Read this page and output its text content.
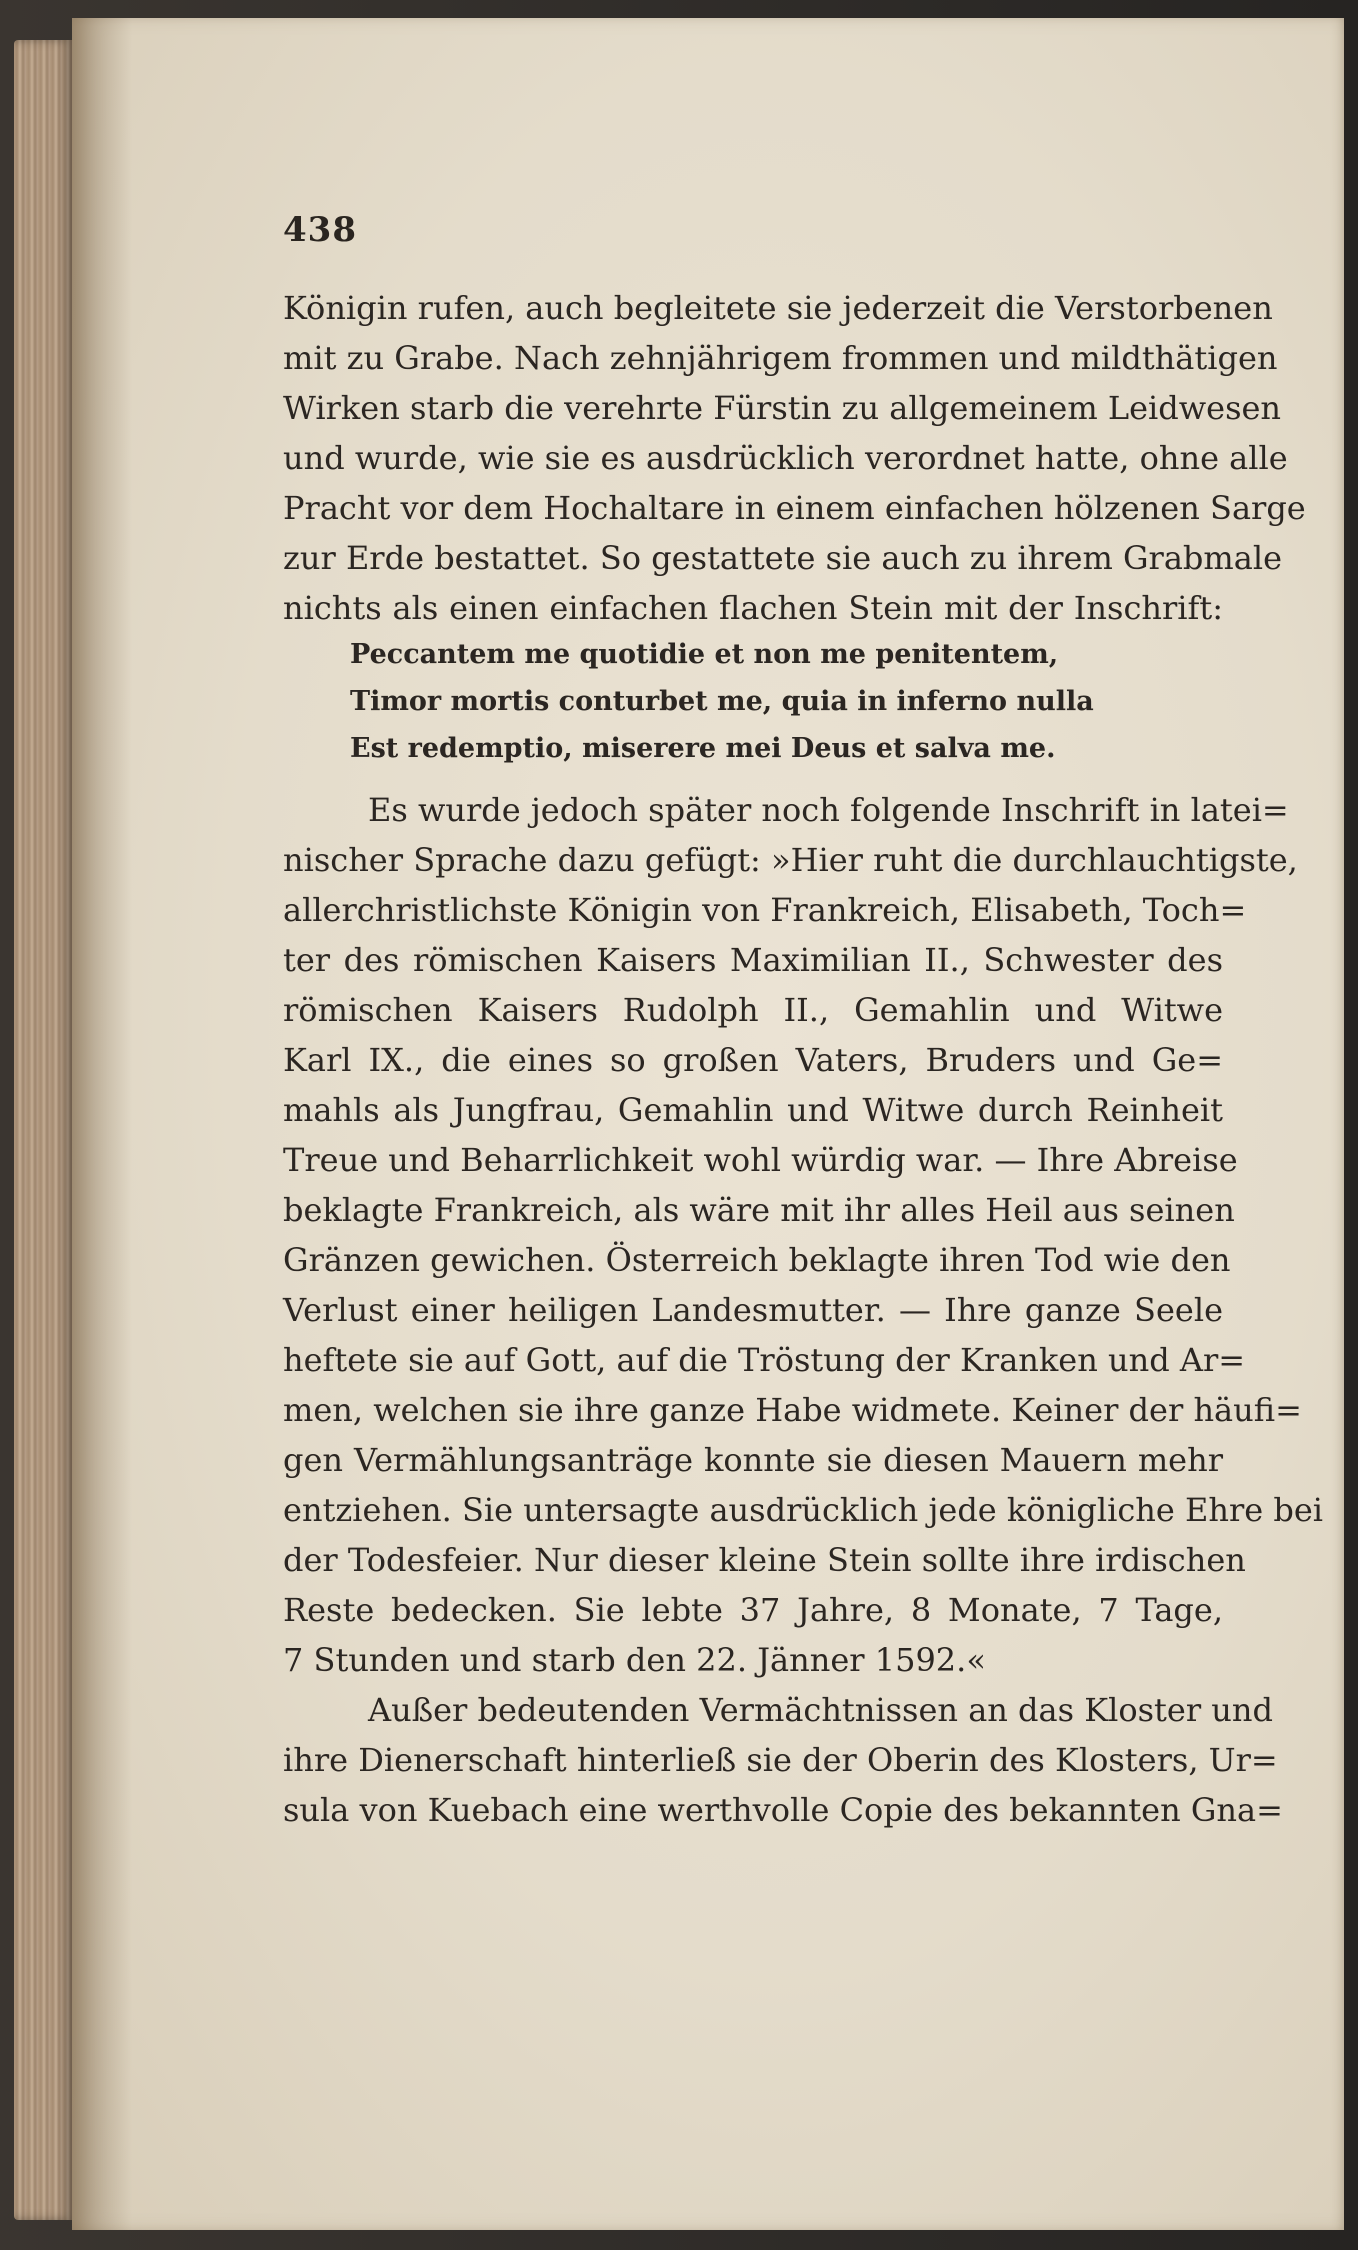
438
Königin rufen, auch begleitete sie jederzeit die Verstorbenen
mit zu Grabe. Nach zehnjährigem frommen und mildthätigen
Wirken starb die verehrte Fürstin zu allgemeinem Leidwesen
und wurde, wie sie es ausdrücklich verordnet hatte, ohne alle
Pracht vor dem Hochaltare in einem einfachen hölzenen Sarge
zur Erde bestattet. So gestattete sie auch zu ihrem Grabmale
nichts als einen einfachen flachen Stein mit der Inschrift:
Peccantem me quotidie et non me penitentem,
Timor mortis conturbet me, quia in inferno nulla
Est redemptio, miserere mei Deus et salva me.
Es wurde jedoch später noch folgende Inschrift in latei=
nischer Sprache dazu gefügt: »Hier ruht die durchlauchtigste,
allerchristlichste Königin von Frankreich, Elisabeth, Toch=
ter des römischen Kaisers Maximilian II., Schwester des
römischen Kaisers Rudolph II., Gemahlin und Witwe
Karl IX., die eines so großen Vaters, Bruders und Ge=
mahls als Jungfrau, Gemahlin und Witwe durch Reinheit
Treue und Beharrlichkeit wohl würdig war. — Ihre Abreise
beklagte Frankreich, als wäre mit ihr alles Heil aus seinen
Gränzen gewichen. Österreich beklagte ihren Tod wie den
Verlust einer heiligen Landesmutter. — Ihre ganze Seele
heftete sie auf Gott, auf die Tröstung der Kranken und Ar=
men, welchen sie ihre ganze Habe widmete. Keiner der häufi=
gen Vermählungsanträge konnte sie diesen Mauern mehr
entziehen. Sie untersagte ausdrücklich jede königliche Ehre bei
der Todesfeier. Nur dieser kleine Stein sollte ihre irdischen
Reste bedecken. Sie lebte 37 Jahre, 8 Monate, 7 Tage,
7 Stunden und starb den 22. Jänner 1592.«
Außer bedeutenden Vermächtnissen an das Kloster und
ihre Dienerschaft hinterließ sie der Oberin des Klosters, Ur=
sula von Kuebach eine werthvolle Copie des bekannten Gna=
